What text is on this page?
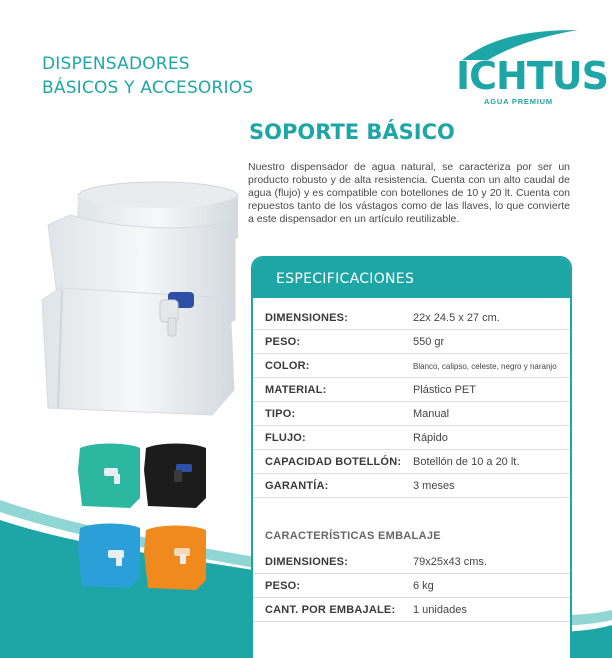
DISPENSADORES
BÁSICOS Y ACCESORIOS	ICHTUS
AGUA PREMIUM
SOPORTE BÁSICO
Nuestro dispensador de agua natural, se caracteriza por ser un producto robusto y de alta resistencia. Cuenta con un alto caudal de agua (flujo) y es compatible con botellones de 10 y 20 lt. Cuenta con repuestos tanto de los vástagos como de las llaves, lo que convierte a este dispensador en un artículo reutilizable.
ESPECIFICACIONES
DIMENSIONES:	22x 24.5 x 27 cm.
PESO:	550 gr
COLOR:	Blanco, calipso, celeste, negro y naranjo
MATERIAL:	Plástico PET
TIPO:	Manual
FLUJO:	Rápido
CAPACIDAD BOTELLÓN: Botellón de 10 a 20 lt.
GARANTÍA:	3 meses
CARACTERÍSTICAS EMBALAJE
DIMENSIONES:	79x25x43 cms.
PESO:	6 kg
CANT. POR EMBAJALE: 1 unidades
